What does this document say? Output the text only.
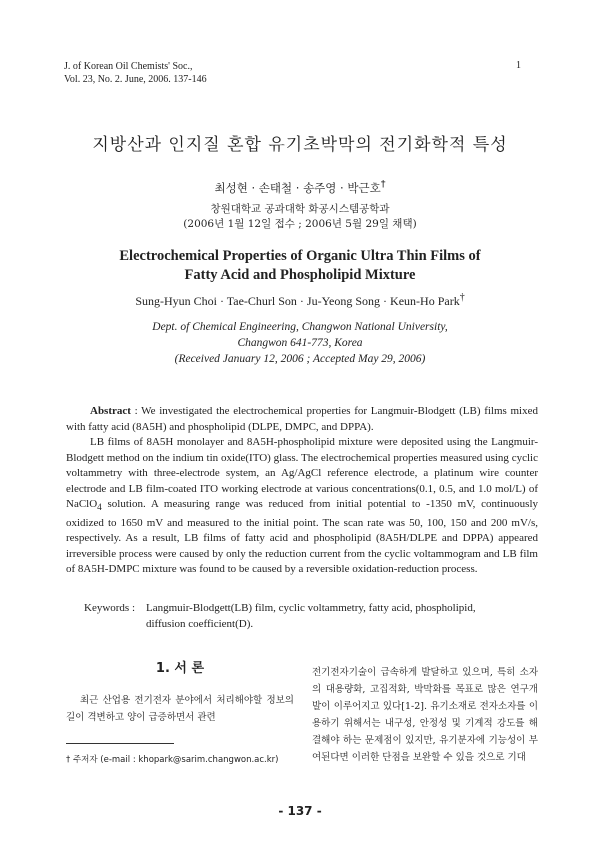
J. of Korean Oil Chemists' Soc.,
Vol. 23, No. 2. June, 2006. 137-146
1
지방산과 인지질 혼합 유기초박막의 전기화학적 특성
최성현 · 손태철 · 송주영 · 박근호†
창원대학교 공과대학 화공시스템공학과
(2006년 1월 12일 접수 ; 2006년 5월 29일 채택)
Electrochemical Properties of Organic Ultra Thin Films of
Fatty Acid and Phospholipid Mixture
Sung-Hyun Choi · Tae-Churl Son · Ju-Yeong Song · Keun-Ho Park†
Dept. of Chemical Engineering, Changwon National University,
Changwon 641-773, Korea
(Received January 12, 2006 ; Accepted May 29, 2006)

Abstract : We investigated the electrochemical properties for Langmuir-Blodgett (LB) films mixed with fatty acid (8A5H) and phospholipid (DLPE, DMPC, and DPPA).

LB films of 8A5H monolayer and 8A5H-phospholipid mixture were deposited using the Langmuir-Blodgett method on the indium tin oxide(ITO) glass. The electrochemical properties measured using cyclic voltammetry with three-electrode system, an Ag/AgCl reference electrode, a platinum wire counter electrode and LB film-coated ITO working electrode at various concentrations(0.1, 0.5, and 1.0 mol/L) of NaClO$_4$ solution. A measuring range was reduced from initial potential to -1350 mV, continuously oxidized to 1650 mV and measured to the initial point. The scan rate was 50, 100, 150 and 200 mV/s, respectively. As a result, LB films of fatty acid and phospholipid (8A5H/DLPE and DPPA) appeared irreversible process were caused by only the reduction current from the cyclic voltammogram and LB film of 8A5H-DMPC mixture was found to be caused by a reversible oxidation-reduction process.

Keywords : Langmuir-Blodgett(LB) film, cyclic voltammetry, fatty acid, phospholipid,
diffusion coefficient(D).
1. 서 론

최근 산업용 전기전자 분야에서 처리해야할 정보의 길이 격변하고 양이 급증하면서 관련

† 주저자 (e-mail : khopark@sarim.changwon.ac.kr)

전기전자기술이 급속하게 발달하고 있으며, 특히 소자의 대용량화, 고집적화, 박막화를 목표로 많은 연구개발이 이루어지고 있다[1-2]. 유기소재로 전자소자를 이용하기 위해서는 내구성, 안정성 및 기계적 강도를 해결해야 하는 문제점이 있지만, 유기분자에 기능성이 부여된다면 이러한 단점을 보완할 수 있을 것으로 기대

- 137 -
